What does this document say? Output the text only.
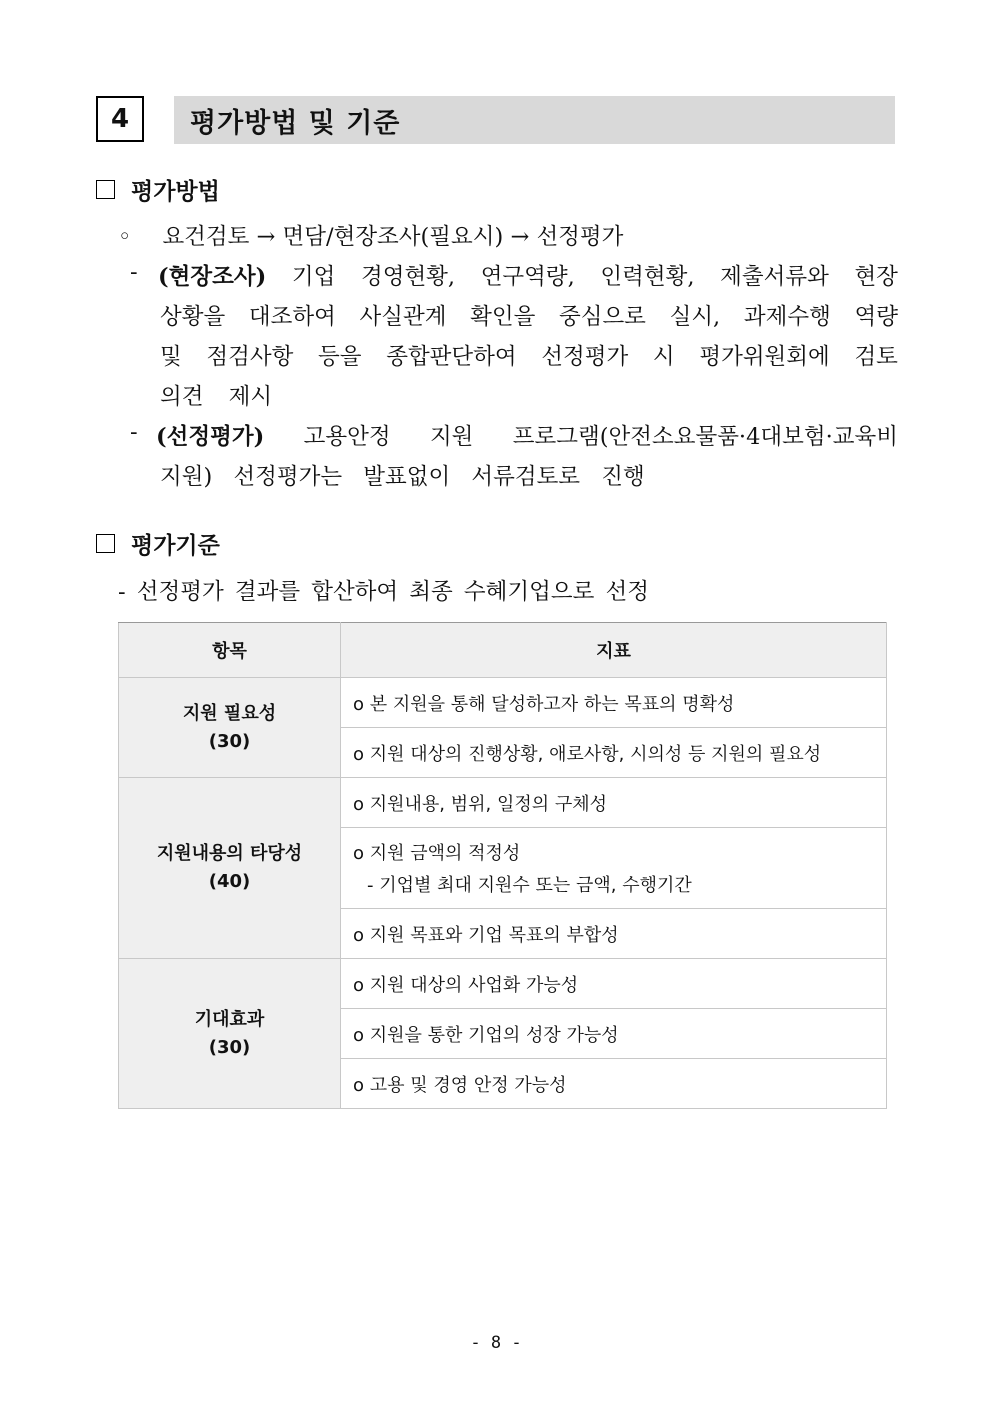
4	평가방법 및 기준
평가방법
◦ 요건검토 → 면담/현장조사(필요시) → 선정평가
- (현장조사) 기업 경영현황, 연구역량, 인력현황, 제출서류와 현장
상황을 대조하여 사실관계 확인을 중심으로 실시, 과제수행 역량
및 점검사항 등을 종합판단하여 선정평가 시 평가위원회에 검토
의견 제시
- (선정평가) 고용안정 지원 프로그램(안전소요물품·4대보험·교육비
지원) 선정평가는 발표없이 서류검토로 진행
평가기준
- 선정평가 결과를 합산하여 최종 수혜기업으로 선정
항목	지표

지원 필요성
(30)	o 본 지원을 통해 달성하고자 하는 목표의 명확성
	o 지원 대상의 진행상황, 애로사항, 시의성 등 지원의 필요성

지원내용의 타당성
(40)	o 지원내용, 범위, 일정의 구체성
	o 지원 금액의 적정성
- 기업별 최대 지원수 또는 금액, 수행기간

	o 지원 목표와 기업 목표의 부합성

기대효과
(30)	o 지원 대상의 사업화 가능성
	o 지원을 통한 기업의 성장 가능성
	o 고용 및 경영 안정 가능성
- 8 -
